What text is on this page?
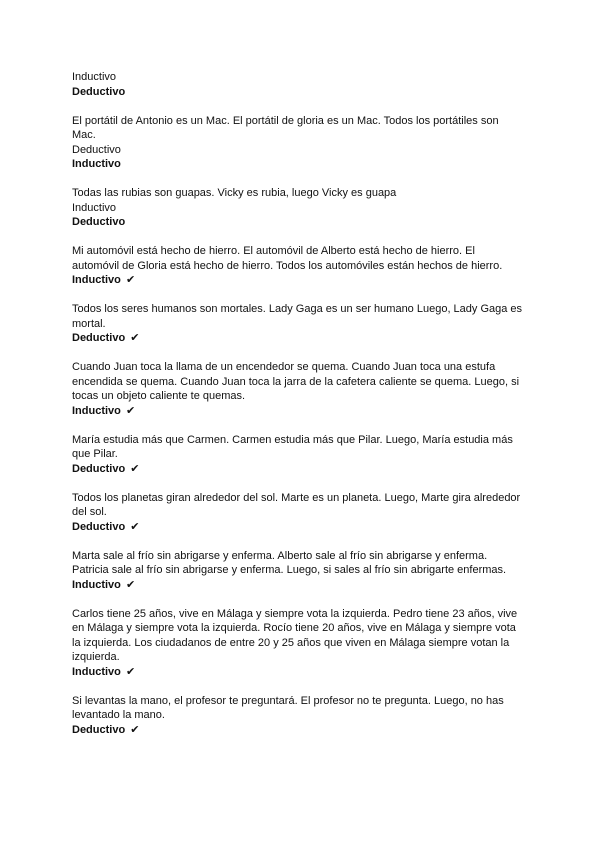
Inductivo
Deductivo
El portátil de Antonio es un Mac. El portátil de gloria es un Mac. Todos los portátiles son
Mac.
Deductivo
Inductivo
Todas las rubias son guapas. Vicky es rubia, luego Vicky es guapa
Inductivo
Deductivo
Mi automóvil está hecho de hierro. El automóvil de Alberto está hecho de hierro. El
automóvil de Gloria está hecho de hierro. Todos los automóviles están hechos de hierro.
Inductivo ✔
Todos los seres humanos son mortales. Lady Gaga es un ser humano Luego, Lady Gaga es
mortal.
Deductivo ✔
Cuando Juan toca la llama de un encendedor se quema. Cuando Juan toca una estufa
encendida se quema. Cuando Juan toca la jarra de la cafetera caliente se quema. Luego, si
tocas un objeto caliente te quemas.
Inductivo ✔
María estudia más que Carmen. Carmen estudia más que Pilar. Luego, María estudia más
que Pilar.
Deductivo ✔
Todos los planetas giran alrededor del sol. Marte es un planeta. Luego, Marte gira alrededor
del sol.
Deductivo ✔
Marta sale al frío sin abrigarse y enferma. Alberto sale al frío sin abrigarse y enferma.
Patricia sale al frío sin abrigarse y enferma. Luego, si sales al frío sin abrigarte enfermas.
Inductivo ✔
Carlos tiene 25 años, vive en Málaga y siempre vota la izquierda. Pedro tiene 23 años, vive
en Málaga y siempre vota la izquierda. Rocío tiene 20 años, vive en Málaga y siempre vota
la izquierda. Los ciudadanos de entre 20 y 25 años que viven en Málaga siempre votan la
izquierda.
Inductivo ✔
Si levantas la mano, el profesor te preguntará. El profesor no te pregunta. Luego, no has
levantado la mano.
Deductivo ✔
